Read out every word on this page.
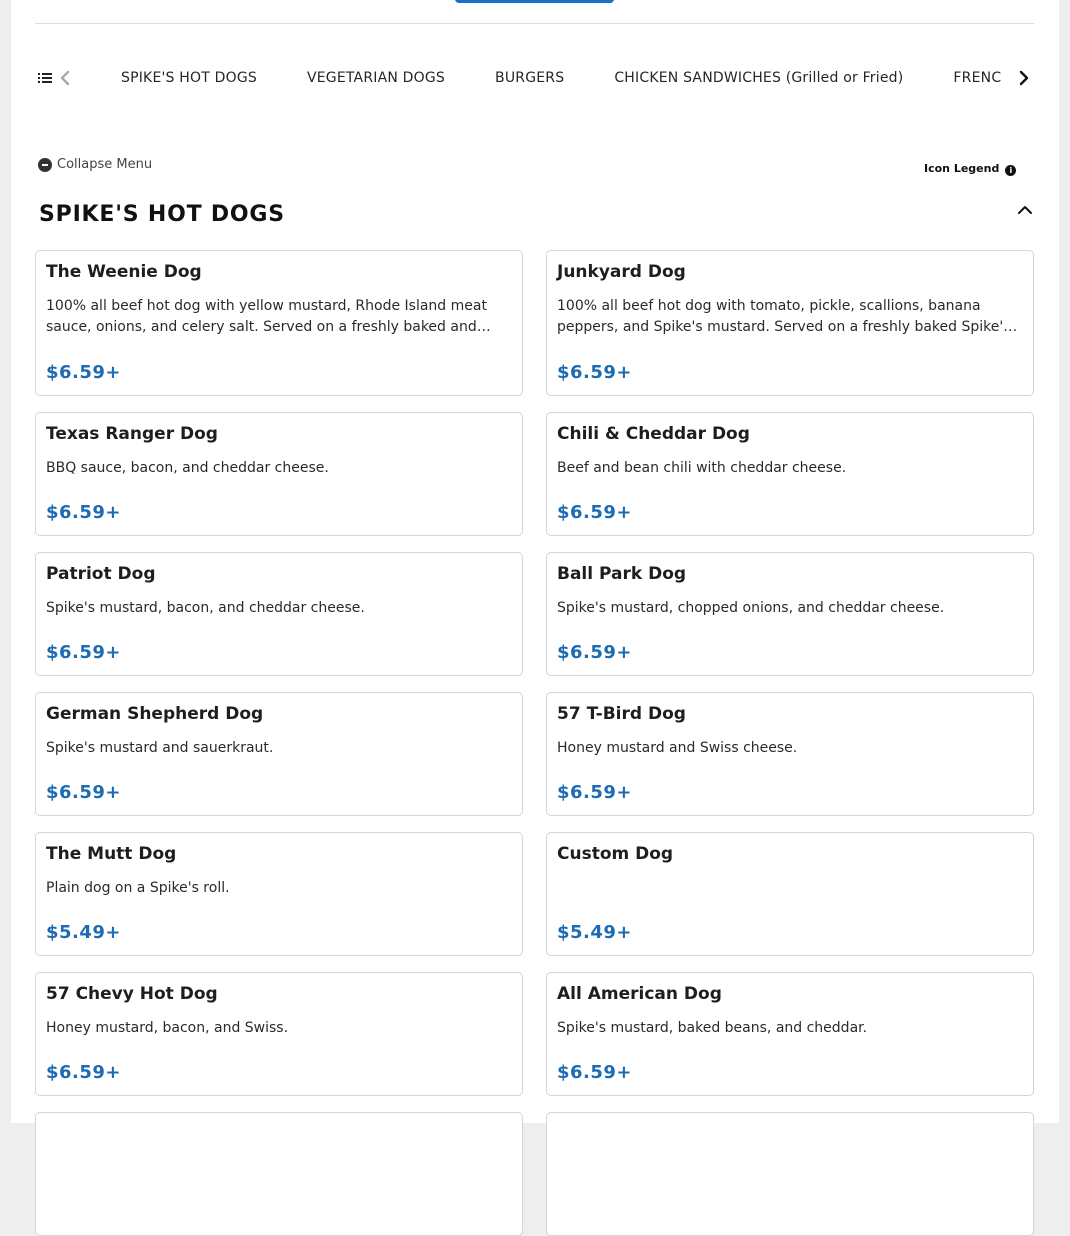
SPIKE'S HOT DOGS	VEGETARIAN DOGS	BURGERS	CHICKEN SANDWICHES (Grilled or Fried)	FRENC
Collapse Menu	Icon Legend i
SPIKE'S HOT DOGS
The Weenie Dog
100% all beef hot dog with yellow mustard, Rhode Island meat sauce, onions, and celery salt. Served on a freshly baked and…
$6.59+
Junkyard Dog
100% all beef hot dog with tomato, pickle, scallions, banana peppers, and Spike's mustard. Served on a freshly baked Spike'…
$6.59+
Texas Ranger Dog
BBQ sauce, bacon, and cheddar cheese.
$6.59+
Chili & Cheddar Dog
Beef and bean chili with cheddar cheese.
$6.59+
Patriot Dog
Spike's mustard, bacon, and cheddar cheese.
$6.59+
Ball Park Dog
Spike's mustard, chopped onions, and cheddar cheese.
$6.59+
German Shepherd Dog
Spike's mustard and sauerkraut.
$6.59+
57 T-Bird Dog
Honey mustard and Swiss cheese.
$6.59+
The Mutt Dog
Plain dog on a Spike's roll.
$5.49+
Custom Dog
$5.49+
57 Chevy Hot Dog
Honey mustard, bacon, and Swiss.
$6.59+
All American Dog
Spike's mustard, baked beans, and cheddar.
$6.59+
